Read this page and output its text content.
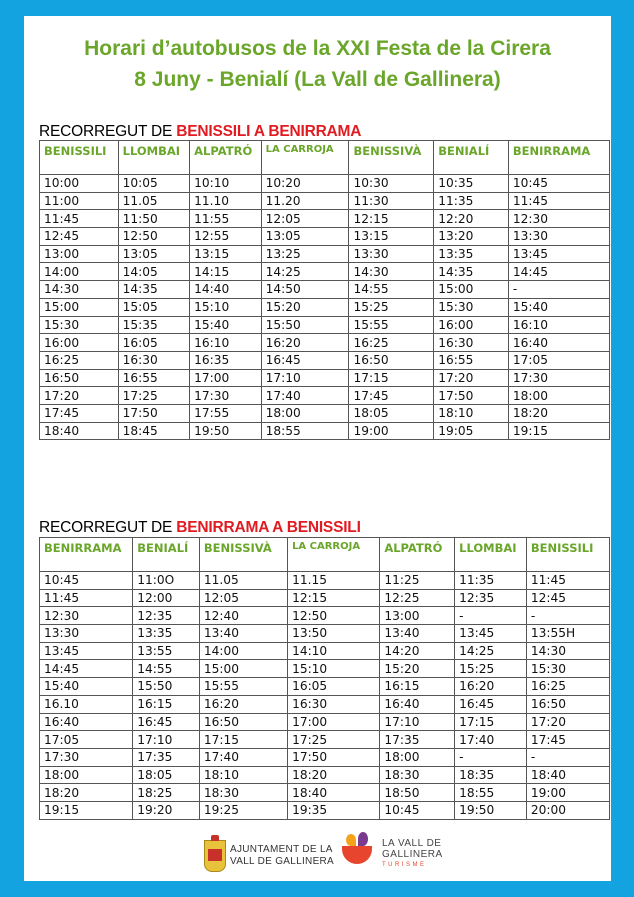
Horari d’autobusos de la XXI Festa de la Cirera
8 Juny - Benialí (La Vall de Gallinera)
RECORREGUT DE BENISSILI A BENIRRAMA
BENISSILI	LLOMBAI	ALPATRÓ	LA CARROJA	BENISSIVÀ	BENIALÍ	BENIRRAMA
10:00	10:05	10:10	10:20	10:30	10:35	10:45
11:00	11.05	11.10	11.20	11:30	11:35	11:45
11:45	11:50	11:55	12:05	12:15	12:20	12:30
12:45	12:50	12:55	13:05	13:15	13:20	13:30
13:00	13:05	13:15	13:25	13:30	13:35	13:45
14:00	14:05	14:15	14:25	14:30	14:35	14:45
14:30	14:35	14:40	14:50	14:55	15:00	-
15:00	15:05	15:10	15:20	15:25	15:30	15:40
15:30	15:35	15:40	15:50	15:55	16:00	16:10
16:00	16:05	16:10	16:20	16:25	16:30	16:40
16:25	16:30	16:35	16:45	16:50	16:55	17:05
16:50	16:55	17:00	17:10	17:15	17:20	17:30
17:20	17:25	17:30	17:40	17:45	17:50	18:00
17:45	17:50	17:55	18:00	18:05	18:10	18:20
18:40	18:45	19:50	18:55	19:00	19:05	19:15
RECORREGUT DE BENIRRAMA A BENISSILI
BENIRRAMA	BENIALÍ	BENISSIVÀ	LA CARROJA	ALPATRÓ	LLOMBAI	BENISSILI
10:45	11:0O	11.05	11.15	11:25	11:35	11:45
11:45	12:00	12:05	12:15	12:25	12:35	12:45
12:30	12:35	12:40	12:50	13:00	-	-
13:30	13:35	13:40	13:50	13:40	13:45	13:55H
13:45	13:55	14:00	14:10	14:20	14:25	14:30
14:45	14:55	15:00	15:10	15:20	15:25	15:30
15:40	15:50	15:55	16:05	16:15	16:20	16:25
16.10	16:15	16:20	16:30	16:40	16:45	16:50
16:40	16:45	16:50	17:00	17:10	17:15	17:20
17:05	17:10	17:15	17:25	17:35	17:40	17:45
17:30	17:35	17:40	17:50	18:00	-	-
18:00	18:05	18:10	18:20	18:30	18:35	18:40
18:20	18:25	18:30	18:40	18:50	18:55	19:00
19:15	19:20	19:25	19:35	10:45	19:50	20:00
AJUNTAMENT DE LA
VALL DE GALLINERA
LA VALL DE
GALLINERA
TURISME
